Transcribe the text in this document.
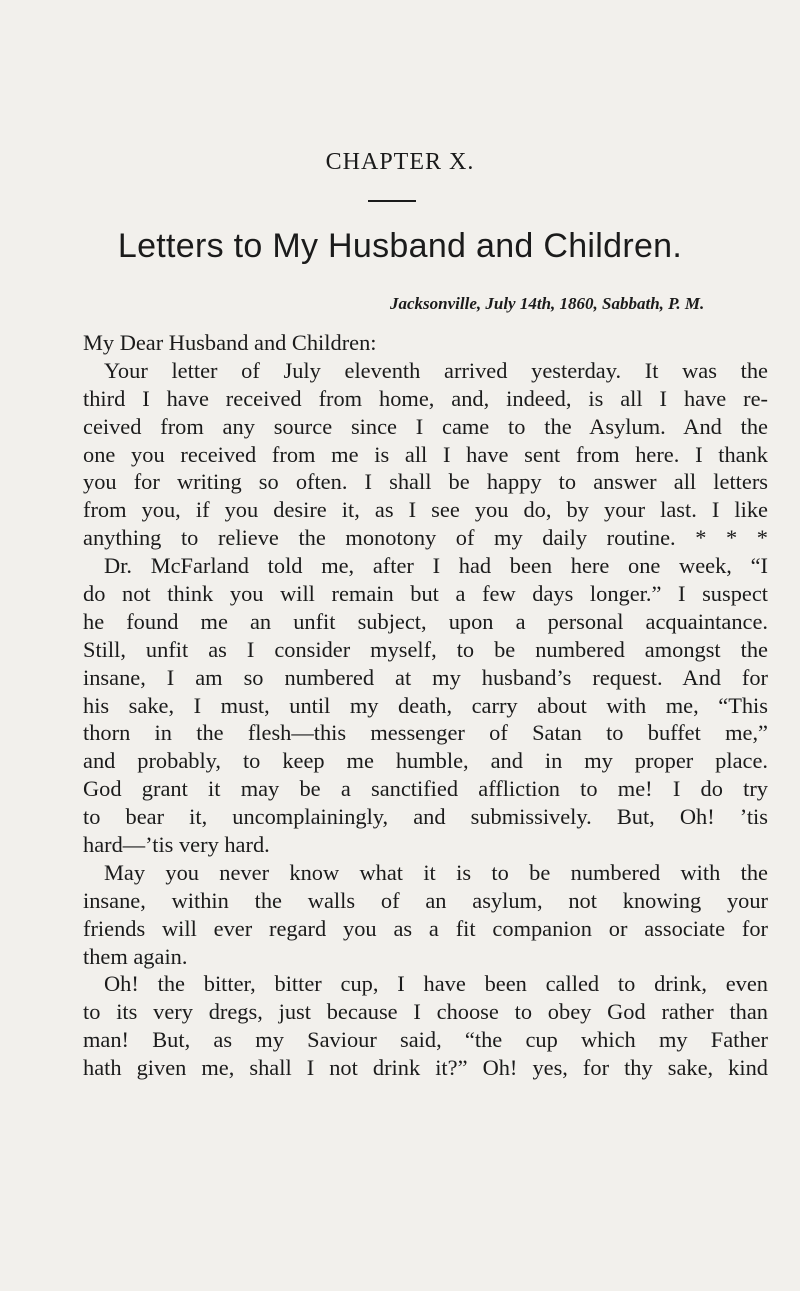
CHAPTER X.
Letters to My Husband and Children.
Jacksonville, July 14th, 1860, Sabbath, P. M.
My Dear Husband and Children:
Your letter of July eleventh arrived yesterday. It was the
third I have received from home, and, indeed, is all I have re-
ceived from any source since I came to the Asylum. And the
one you received from me is all I have sent from here. I thank
you for writing so often. I shall be happy to answer all letters
from you, if you desire it, as I see you do, by your last. I like
anything to relieve the monotony of my daily routine. * * *
Dr. McFarland told me, after I had been here one week, “I
do not think you will remain but a few days longer.” I suspect
he found me an unfit subject, upon a personal acquaintance.
Still, unfit as I consider myself, to be numbered amongst the
insane, I am so numbered at my husband’s request. And for
his sake, I must, until my death, carry about with me, “This
thorn in the flesh—this messenger of Satan to buffet me,”
and probably, to keep me humble, and in my proper place.
God grant it may be a sanctified affliction to me! I do try
to bear it, uncomplainingly, and submissively. But, Oh! ’tis
hard—’tis very hard.
May you never know what it is to be numbered with the
insane, within the walls of an asylum, not knowing your
friends will ever regard you as a fit companion or associate for
them again.
Oh! the bitter, bitter cup, I have been called to drink, even
to its very dregs, just because I choose to obey God rather than
man! But, as my Saviour said, “the cup which my Father
hath given me, shall I not drink it?” Oh! yes, for thy sake, kind
